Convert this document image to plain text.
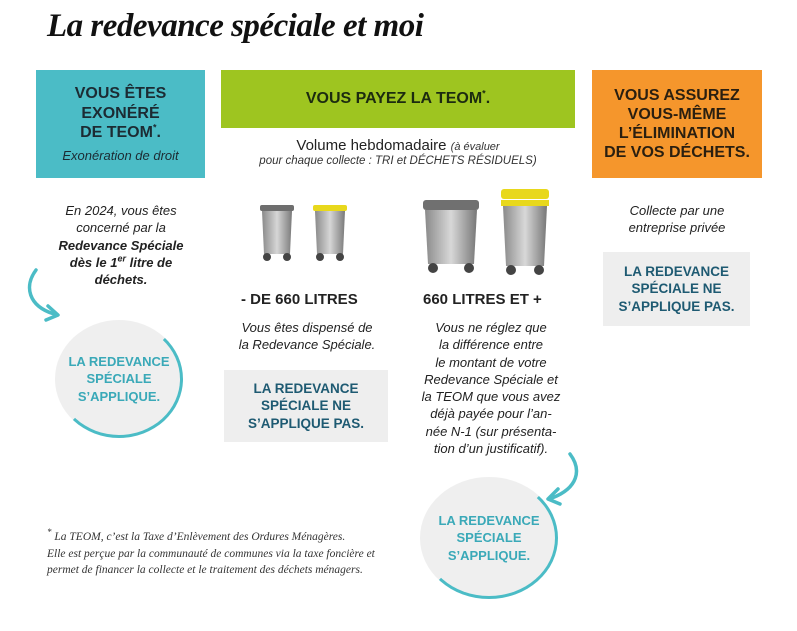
La redevance spéciale et moi
VOUS ÊTES
EXONÉRÉ
DE TEOM*.
Exonération de droit
VOUS PAYEZ LA TEOM*.	VOUS ASSUREZ
VOUS-MÊME
L’ÉLIMINATION
DE VOS DÉCHETS.
Volume hebdomadaire (à évaluer
pour chaque collecte : TRI et DÉCHETS RÉSIDUELS)
En 2024, vous êtes
concerné par la
Redevance Spéciale
dès le 1er litre de
déchets.
LA REDEVANCE
SPÉCIALE
S’APPLIQUE.
- DE 660 LITRES
Vous êtes dispensé de
la Redevance Spéciale.
LA REDEVANCE
SPÉCIALE NE
S’APPLIQUE PAS.
660 LITRES ET +
Vous ne réglez que
la différence entre
le montant de votre
Redevance Spéciale et
la TEOM que vous avez
déjà payée pour l’an-
née N-1 (sur présenta-
tion d’un justificatif).
LA REDEVANCE
SPÉCIALE
S’APPLIQUE.
Collecte par une
entreprise privée
LA REDEVANCE
SPÉCIALE NE
S’APPLIQUE PAS.
* La TEOM, c’est la Taxe d’Enlèvement des Ordures Ménagères.
Elle est perçue par la communauté de communes via la taxe foncière et
permet de financer la collecte et le traitement des déchets ménagers.
